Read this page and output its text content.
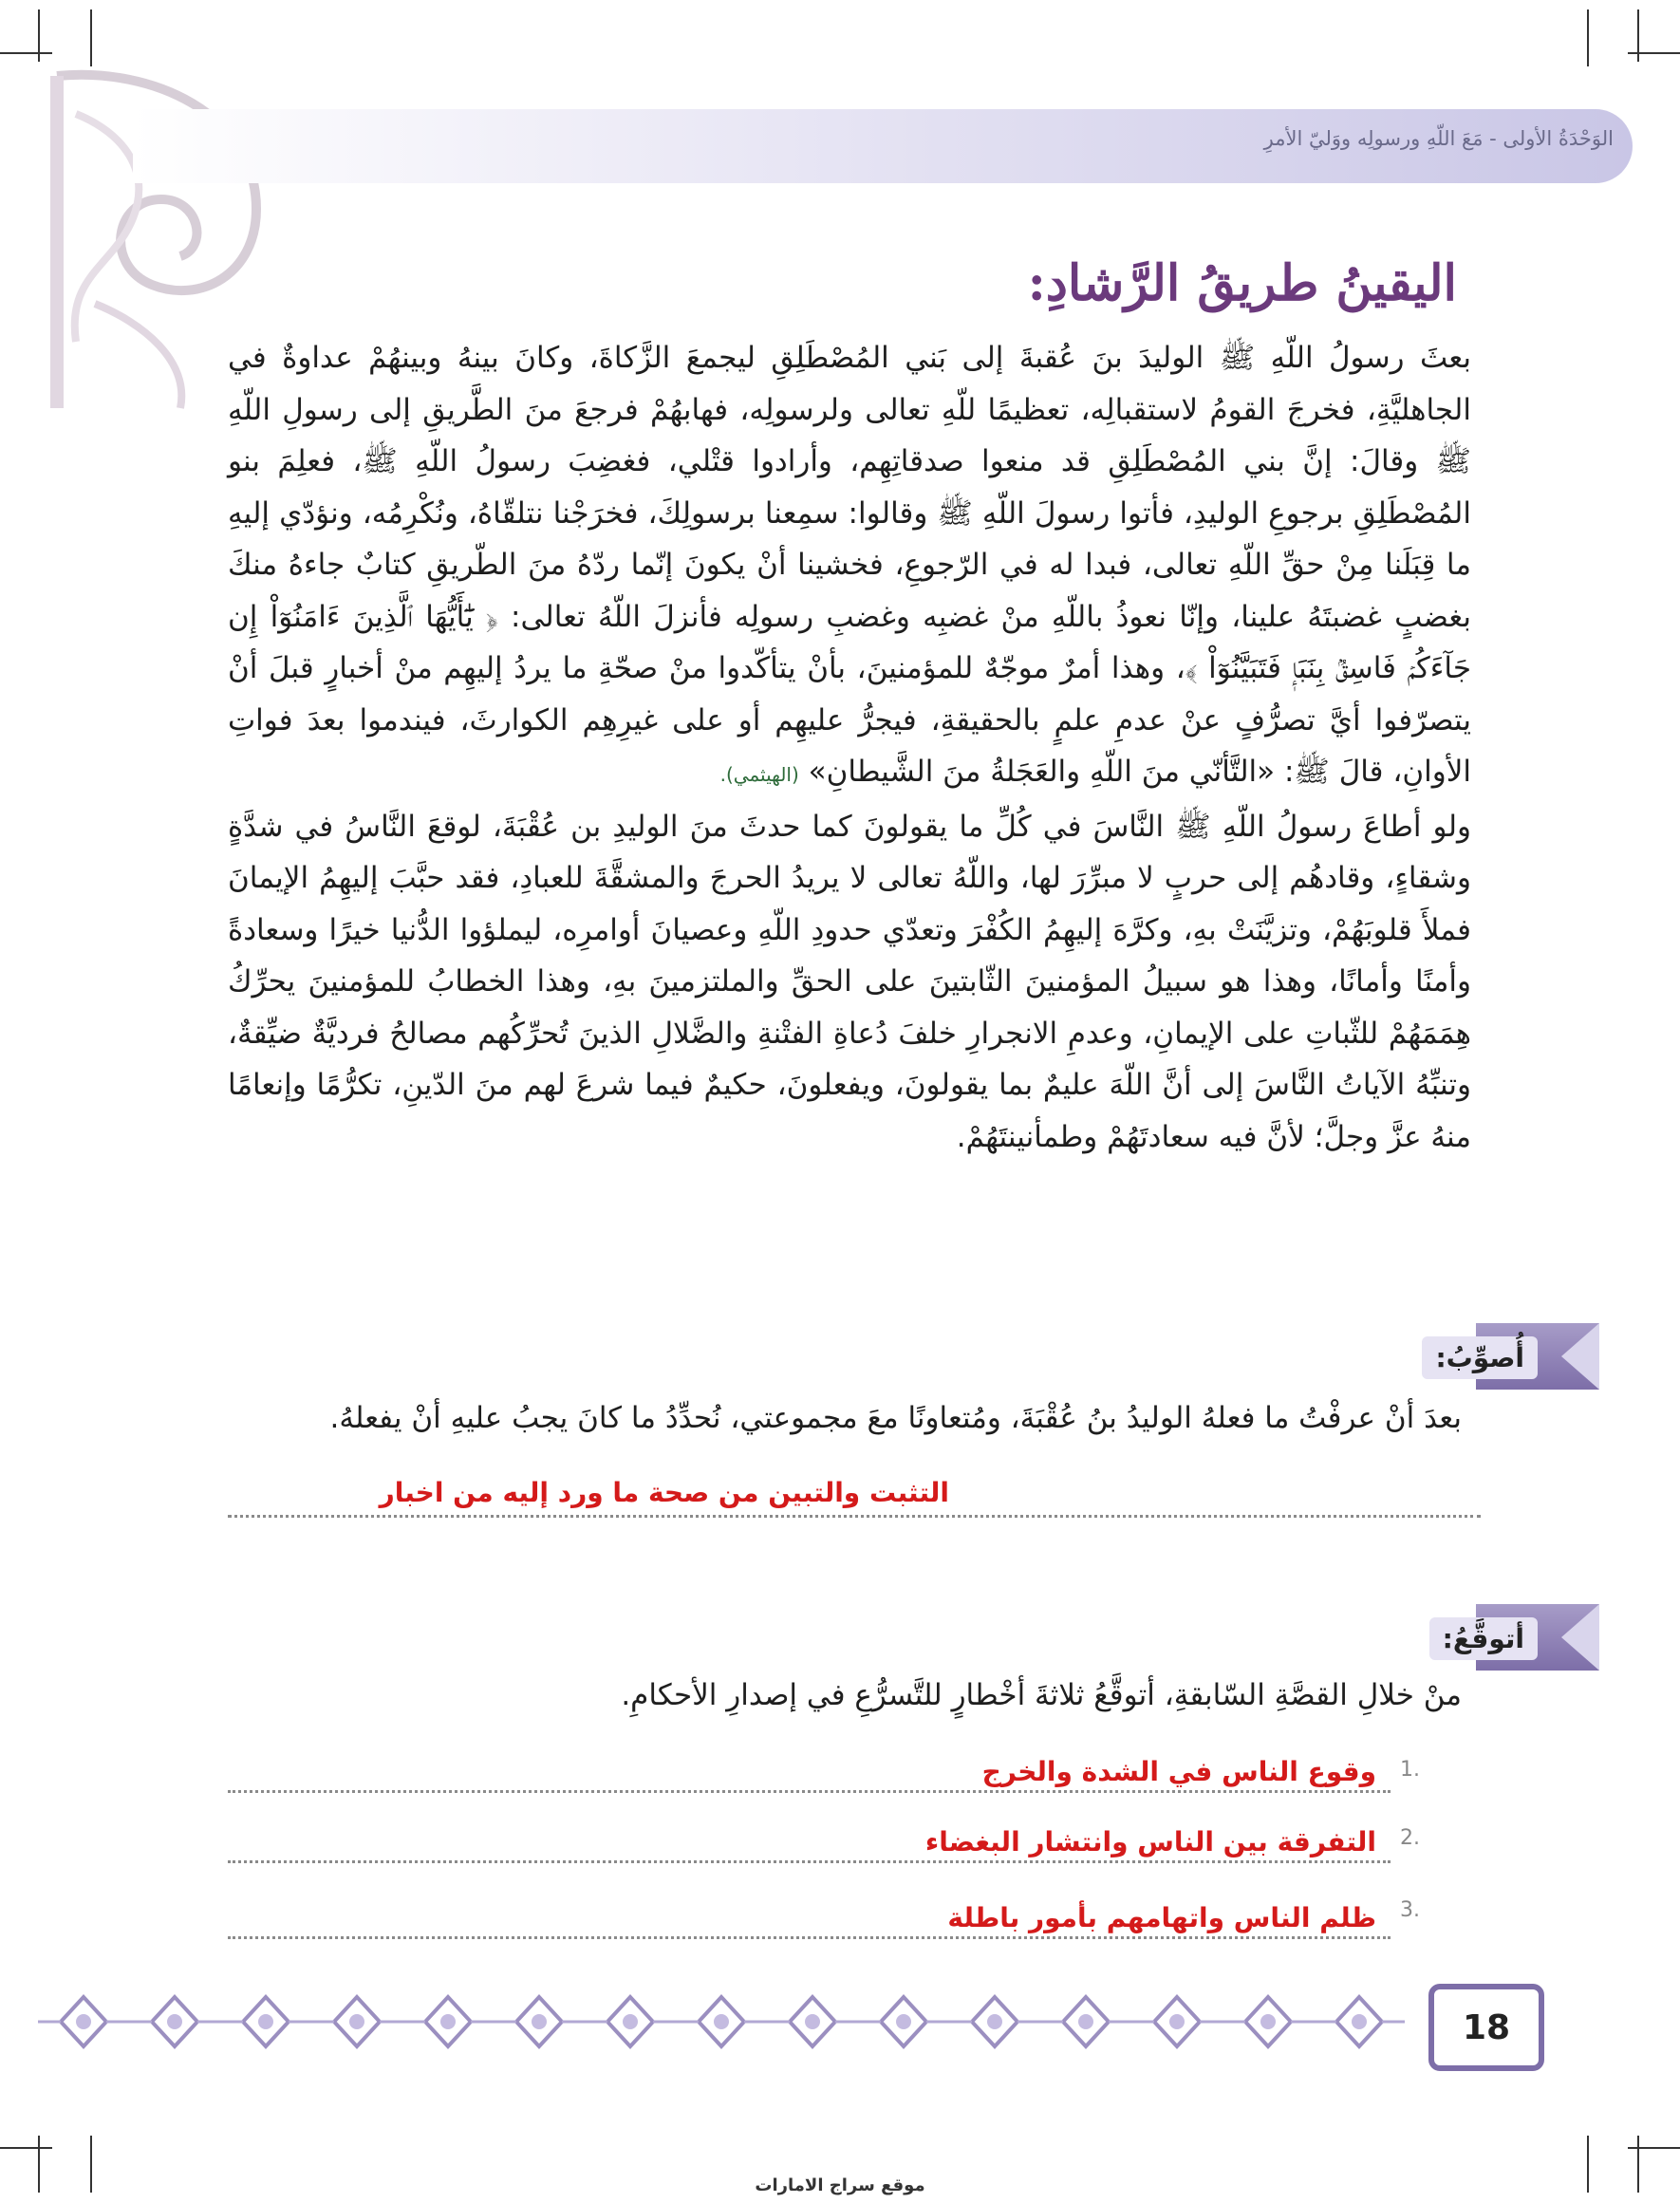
الوَحْدَةُ الأولى - مَعَ اللّهِ ورسولِه ووَليّ الأمرِ
اليقينُ طريقُ الرَّشادِ:

بعثَ رسولُ اللّهِ ﷺ الوليدَ بنَ عُقبةَ إلى بَني المُصْطَلِقِ ليجمعَ الزَّكاةَ، وكانَ بينهُ وبينهُمْ عداوةٌ في الجاهليَّةِ، فخرجَ القومُ لاستقبالِه، تعظيمًا للّهِ تعالى ولرسولِه، فهابهُمْ فرجعَ منَ الطَّريقِ إلى رسولِ اللّهِ ﷺ وقالَ: إنَّ بني المُصْطَلِقِ قد منعوا صدقاتِهِم، وأرادوا قتْلي، فغضِبَ رسولُ اللّهِ ﷺ، فعلِمَ بنو المُصْطَلِقِ برجوعِ الوليدِ، فأتوا رسولَ اللّهِ ﷺ وقالوا: سمِعنا برسولِكَ، فخرَجْنا نتلقّاهُ، ونُكْرِمُه، ونؤدّي إليهِ ما قِبَلَنا مِنْ حقِّ اللّهِ تعالى، فبدا له في الرّجوعِ، فخشينا أنْ يكونَ إنّما ردّهُ منَ الطّريقِ كتابٌ جاءهُ منكَ بغضبٍ غضبتَهُ علينا، وإنّا نعوذُ باللّهِ منْ غضبِه وغضبِ رسولِه فأنزلَ اللّهُ تعالى: ﴿ يَٰٓأَيُّهَا ٱلَّذِينَ ءَامَنُوٓاْ إِن جَآءَكُمۡ فَاسِقُۢ بِنَبَإٖ فَتَبَيَّنُوٓاْ ﴾، وهذا أمرٌ موجّهٌ للمؤمنينَ، بأنْ يتأكّدوا منْ صحّةِ ما يردُ إليهِم منْ أخبارٍ قبلَ أنْ يتصرّفوا أيَّ تصرُّفٍ عنْ عدمِ علمٍ بالحقيقةِ، فيجرُّ عليهِم أو على غيرِهِم الكوارثَ، فيندموا بعدَ فواتِ الأوانِ، قالَ ﷺ: «التَّأنّي منَ اللّهِ والعَجَلةُ منَ الشَّيطانِ» (الهيثمي).

ولو أطاعَ رسولُ اللّهِ ﷺ النَّاسَ في كُلِّ ما يقولونَ كما حدثَ منَ الوليدِ بن عُقْبَةَ، لوقعَ النَّاسُ في شدَّةٍ وشقاءٍ، وقادهُم إلى حربٍ لا مبرِّرَ لها، واللّهُ تعالى لا يريدُ الحرجَ والمشقَّةَ للعبادِ، فقد حبَّبَ إليهِمُ الإيمانَ فملأَ قلوبَهُمْ، وتزيَّنَتْ بهِ، وكرَّهَ إليهِمُ الكُفْرَ وتعدّي حدودِ اللّهِ وعصيانَ أوامرِه، ليملؤوا الدُّنيا خيرًا وسعادةً وأمنًا وأمانًا، وهذا هو سبيلُ المؤمنينَ الثّابتينَ على الحقِّ والملتزمينَ بهِ، وهذا الخطابُ للمؤمنينَ يحرِّكُ هِمَمَهُمْ للثّباتِ على الإيمانِ، وعدمِ الانجرارِ خلفَ دُعاةِ الفتْنةِ والضَّلالِ الذينَ تُحرِّكُهم مصالحُ فرديَّةٌ ضيِّقةٌ، وتنبِّهُ الآياتُ النَّاسَ إلى أنَّ اللّهَ عليمٌ بما يقولونَ، ويفعلونَ، حكيمٌ فيما شرعَ لهم منَ الدّينِ، تكرُّمًا وإنعامًا منهُ عزَّ وجلَّ؛ لأنَّ فيه سعادتَهُمْ وطمأنينتَهُمْ.

أُصوِّبُ:
بعدَ أنْ عرفْتُ ما فعلهُ الوليدُ بنُ عُقْبَةَ، ومُتعاونًا معَ مجموعتي، نُحدِّدُ ما كانَ يجبُ عليهِ أنْ يفعلهُ.
التثبت والتبين من صحة ما ورد إليه من اخبار
أتوقَّعُ:
منْ خلالِ القصَّةِ السّابقةِ، أتوقَّعُ ثلاثةَ أخْطارٍ للتَّسرُّعِ في إصدارِ الأحكامِ.
1.
وقوع الناس في الشدة والخرج
2.
التفرقة بين الناس وانتشار البغضاء
3.
ظلم الناس واتهامهم بأمور باطلة
18
موقع سراج الامارات
